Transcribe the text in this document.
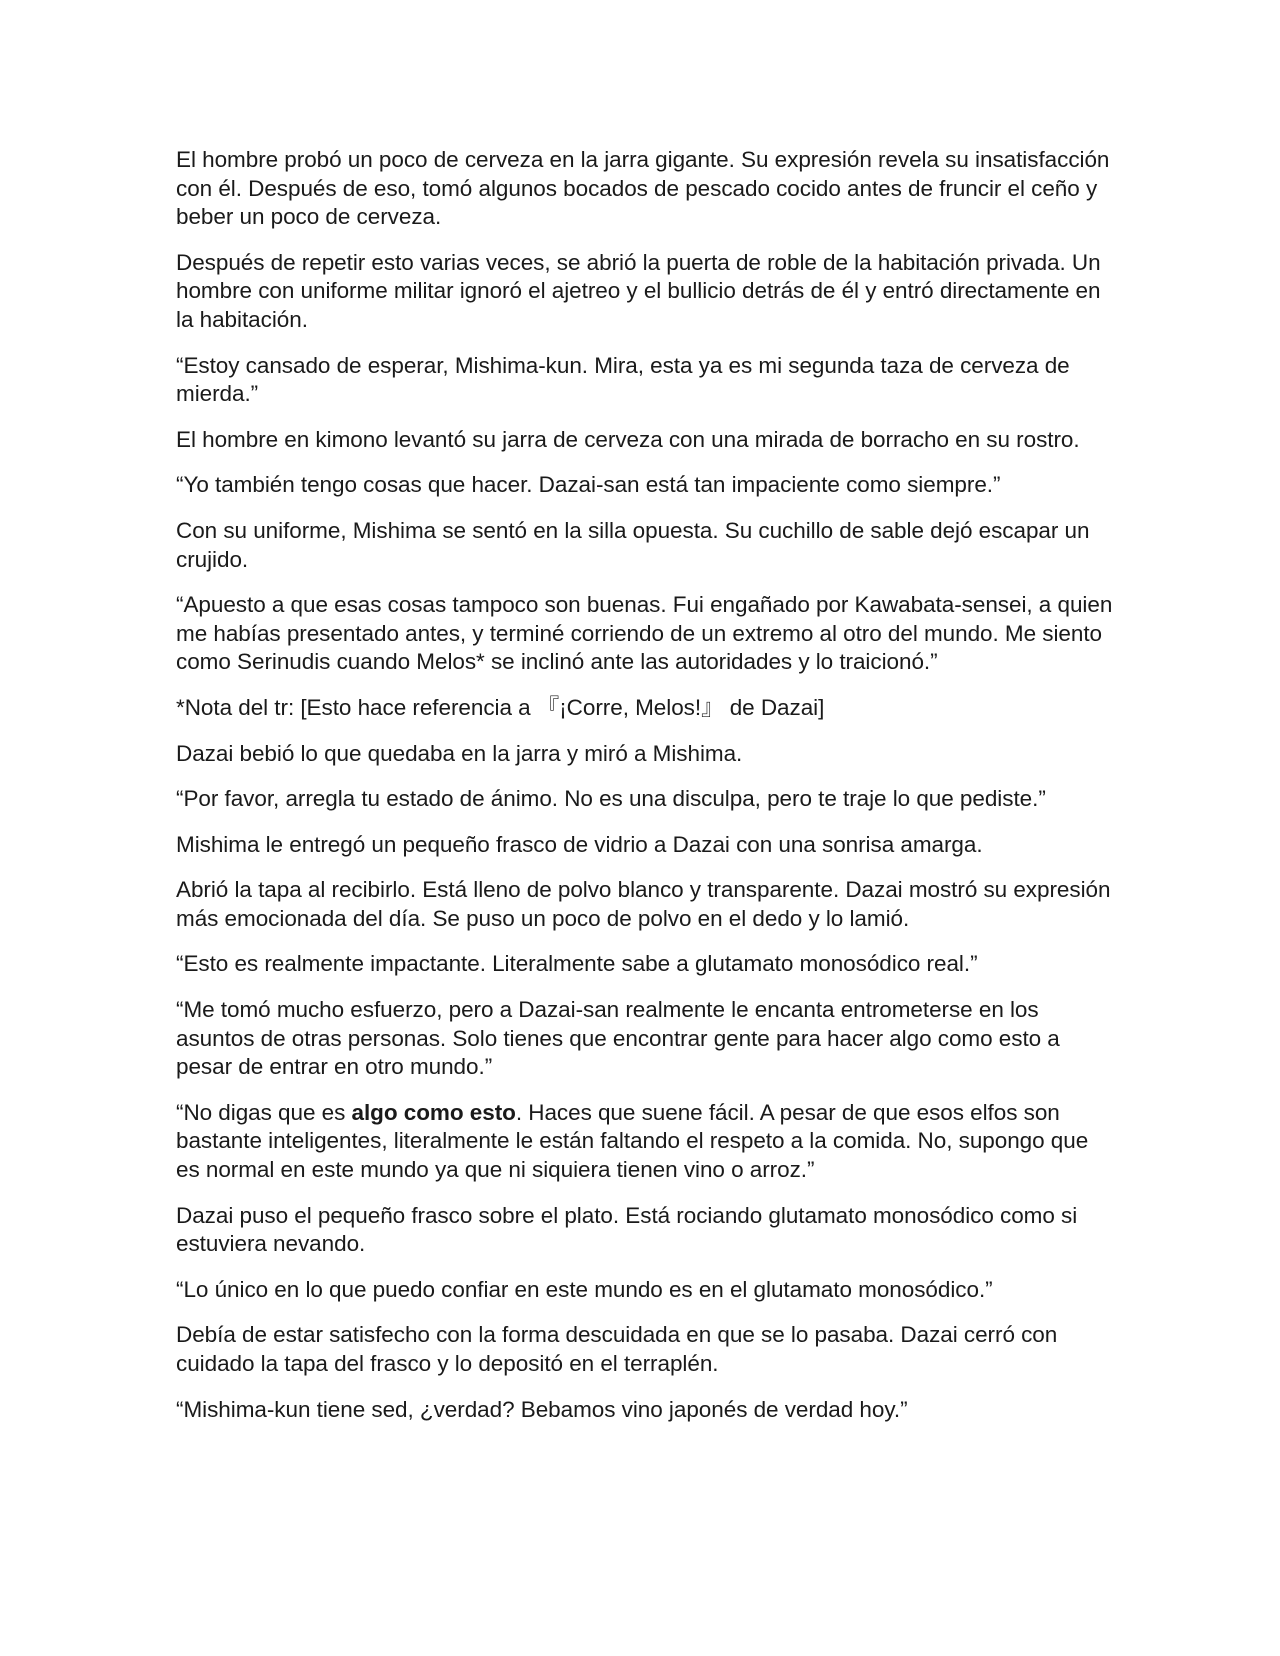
El hombre probó un poco de cerveza en la jarra gigante. Su expresión revela su insatisfacción con él. Después de eso, tomó algunos bocados de pescado cocido antes de fruncir el ceño y beber un poco de cerveza.

Después de repetir esto varias veces, se abrió la puerta de roble de la habitación privada. Un hombre con uniforme militar ignoró el ajetreo y el bullicio detrás de él y entró directamente en la habitación.

“Estoy cansado de esperar, Mishima-kun. Mira, esta ya es mi segunda taza de cerveza de mierda.”

El hombre en kimono levantó su jarra de cerveza con una mirada de borracho en su rostro.

“Yo también tengo cosas que hacer. Dazai-san está tan impaciente como siempre.”

Con su uniforme, Mishima se sentó en la silla opuesta. Su cuchillo de sable dejó escapar un crujido.

“Apuesto a que esas cosas tampoco son buenas. Fui engañado por Kawabata-sensei, a quien me habías presentado antes, y terminé corriendo de un extremo al otro del mundo. Me siento como Serinudis cuando Melos* se inclinó ante las autoridades y lo traicionó.”

*Nota del tr: [Esto hace referencia a 『¡Corre, Melos!』 de Dazai]

Dazai bebió lo que quedaba en la jarra y miró a Mishima.

“Por favor, arregla tu estado de ánimo. No es una disculpa, pero te traje lo que pediste.”

Mishima le entregó un pequeño frasco de vidrio a Dazai con una sonrisa amarga.

Abrió la tapa al recibirlo. Está lleno de polvo blanco y transparente. Dazai mostró su expresión más emocionada del día. Se puso un poco de polvo en el dedo y lo lamió.

“Esto es realmente impactante. Literalmente sabe a glutamato monosódico real.”

“Me tomó mucho esfuerzo, pero a Dazai-san realmente le encanta entrometerse en los asuntos de otras personas. Solo tienes que encontrar gente para hacer algo como esto a pesar de entrar en otro mundo.”

“No digas que es algo como esto. Haces que suene fácil. A pesar de que esos elfos son bastante inteligentes, literalmente le están faltando el respeto a la comida. No, supongo que es normal en este mundo ya que ni siquiera tienen vino o arroz.”

Dazai puso el pequeño frasco sobre el plato. Está rociando glutamato monosódico como si estuviera nevando.

“Lo único en lo que puedo confiar en este mundo es en el glutamato monosódico.”

Debía de estar satisfecho con la forma descuidada en que se lo pasaba. Dazai cerró con cuidado la tapa del frasco y lo depositó en el terraplén.

“Mishima-kun tiene sed, ¿verdad? Bebamos vino japonés de verdad hoy.”
